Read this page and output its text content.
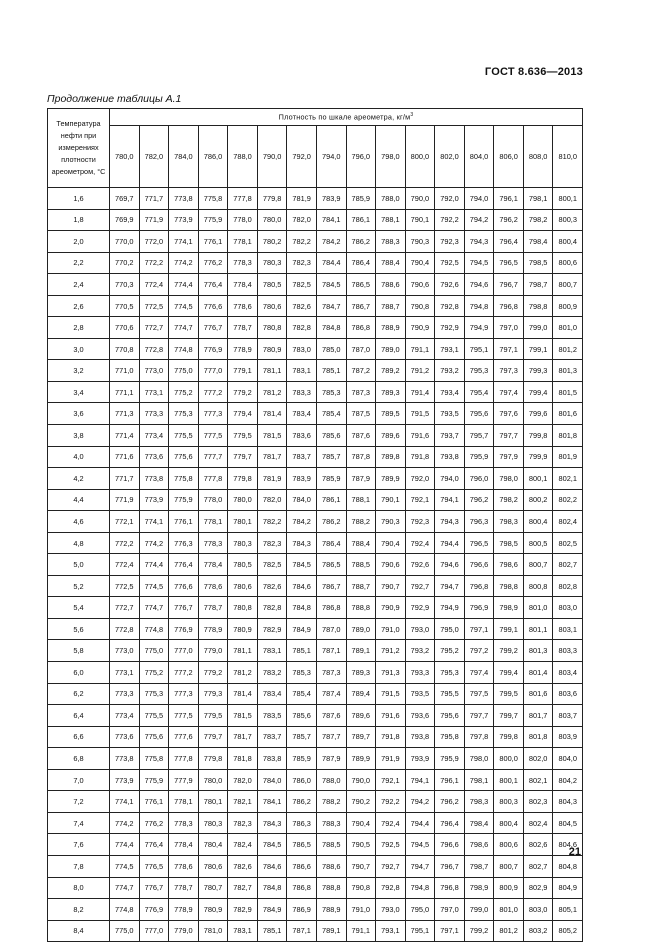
ГОСТ 8.636—2013
Продолжение таблицы А.1
Температура нефти при измерениях плотности ареометром, °С	Плотность по шкале ареометра, $кг/м^3$
	780,0	782,0	784,0	786,0	788,0	790,0	792,0	794,0	796,0	798,0	800,0	802,0	804,0	806,0	808,0	810,0
1,6	769,7	771,7	773,8	775,8	777,8	779,8	781,9	783,9	785,9	788,0	790,0	792,0	794,0	796,1	798,1	800,1
1,8	769,9	771,9	773,9	775,9	778,0	780,0	782,0	784,1	786,1	788,1	790,1	792,2	794,2	796,2	798,2	800,3
2,0	770,0	772,0	774,1	776,1	778,1	780,2	782,2	784,2	786,2	788,3	790,3	792,3	794,3	796,4	798,4	800,4
2,2	770,2	772,2	774,2	776,2	778,3	780,3	782,3	784,4	786,4	788,4	790,4	792,5	794,5	796,5	798,5	800,6
2,4	770,3	772,4	774,4	776,4	778,4	780,5	782,5	784,5	786,5	788,6	790,6	792,6	794,6	796,7	798,7	800,7
2,6	770,5	772,5	774,5	776,6	778,6	780,6	782,6	784,7	786,7	788,7	790,8	792,8	794,8	796,8	798,8	800,9
2,8	770,6	772,7	774,7	776,7	778,7	780,8	782,8	784,8	786,8	788,9	790,9	792,9	794,9	797,0	799,0	801,0
3,0	770,8	772,8	774,8	776,9	778,9	780,9	783,0	785,0	787,0	789,0	791,1	793,1	795,1	797,1	799,1	801,2
3,2	771,0	773,0	775,0	777,0	779,1	781,1	783,1	785,1	787,2	789,2	791,2	793,2	795,3	797,3	799,3	801,3
3,4	771,1	773,1	775,2	777,2	779,2	781,2	783,3	785,3	787,3	789,3	791,4	793,4	795,4	797,4	799,4	801,5
3,6	771,3	773,3	775,3	777,3	779,4	781,4	783,4	785,4	787,5	789,5	791,5	793,5	795,6	797,6	799,6	801,6
3,8	771,4	773,4	775,5	777,5	779,5	781,5	783,6	785,6	787,6	789,6	791,6	793,7	795,7	797,7	799,8	801,8
4,0	771,6	773,6	775,6	777,7	779,7	781,7	783,7	785,7	787,8	789,8	791,8	793,8	795,9	797,9	799,9	801,9
4,2	771,7	773,8	775,8	777,8	779,8	781,9	783,9	785,9	787,9	789,9	792,0	794,0	796,0	798,0	800,1	802,1
4,4	771,9	773,9	775,9	778,0	780,0	782,0	784,0	786,1	788,1	790,1	792,1	794,1	796,2	798,2	800,2	802,2
4,6	772,1	774,1	776,1	778,1	780,1	782,2	784,2	786,2	788,2	790,3	792,3	794,3	796,3	798,3	800,4	802,4
4,8	772,2	774,2	776,3	778,3	780,3	782,3	784,3	786,4	788,4	790,4	792,4	794,4	796,5	798,5	800,5	802,5
5,0	772,4	774,4	776,4	778,4	780,5	782,5	784,5	786,5	788,5	790,6	792,6	794,6	796,6	798,6	800,7	802,7
5,2	772,5	774,5	776,6	778,6	780,6	782,6	784,6	786,7	788,7	790,7	792,7	794,7	796,8	798,8	800,8	802,8
5,4	772,7	774,7	776,7	778,7	780,8	782,8	784,8	786,8	788,8	790,9	792,9	794,9	796,9	798,9	801,0	803,0
5,6	772,8	774,8	776,9	778,9	780,9	782,9	784,9	787,0	789,0	791,0	793,0	795,0	797,1	799,1	801,1	803,1
5,8	773,0	775,0	777,0	779,0	781,1	783,1	785,1	787,1	789,1	791,2	793,2	795,2	797,2	799,2	801,3	803,3
6,0	773,1	775,2	777,2	779,2	781,2	783,2	785,3	787,3	789,3	791,3	793,3	795,3	797,4	799,4	801,4	803,4
6,2	773,3	775,3	777,3	779,3	781,4	783,4	785,4	787,4	789,4	791,5	793,5	795,5	797,5	799,5	801,6	803,6
6,4	773,4	775,5	777,5	779,5	781,5	783,5	785,6	787,6	789,6	791,6	793,6	795,6	797,7	799,7	801,7	803,7
6,6	773,6	775,6	777,6	779,7	781,7	783,7	785,7	787,7	789,7	791,8	793,8	795,8	797,8	799,8	801,8	803,9
6,8	773,8	775,8	777,8	779,8	781,8	783,8	785,9	787,9	789,9	791,9	793,9	795,9	798,0	800,0	802,0	804,0
7,0	773,9	775,9	777,9	780,0	782,0	784,0	786,0	788,0	790,0	792,1	794,1	796,1	798,1	800,1	802,1	804,2
7,2	774,1	776,1	778,1	780,1	782,1	784,1	786,2	788,2	790,2	792,2	794,2	796,2	798,3	800,3	802,3	804,3
7,4	774,2	776,2	778,3	780,3	782,3	784,3	786,3	788,3	790,4	792,4	794,4	796,4	798,4	800,4	802,4	804,5
7,6	774,4	776,4	778,4	780,4	782,4	784,5	786,5	788,5	790,5	792,5	794,5	796,6	798,6	800,6	802,6	804,6
7,8	774,5	776,5	778,6	780,6	782,6	784,6	786,6	788,6	790,7	792,7	794,7	796,7	798,7	800,7	802,7	804,8
8,0	774,7	776,7	778,7	780,7	782,7	784,8	786,8	788,8	790,8	792,8	794,8	796,8	798,9	800,9	802,9	804,9
8,2	774,8	776,9	778,9	780,9	782,9	784,9	786,9	788,9	791,0	793,0	795,0	797,0	799,0	801,0	803,0	805,1
8,4	775,0	777,0	779,0	781,0	783,1	785,1	787,1	789,1	791,1	793,1	795,1	797,1	799,2	801,2	803,2	805,2
21
